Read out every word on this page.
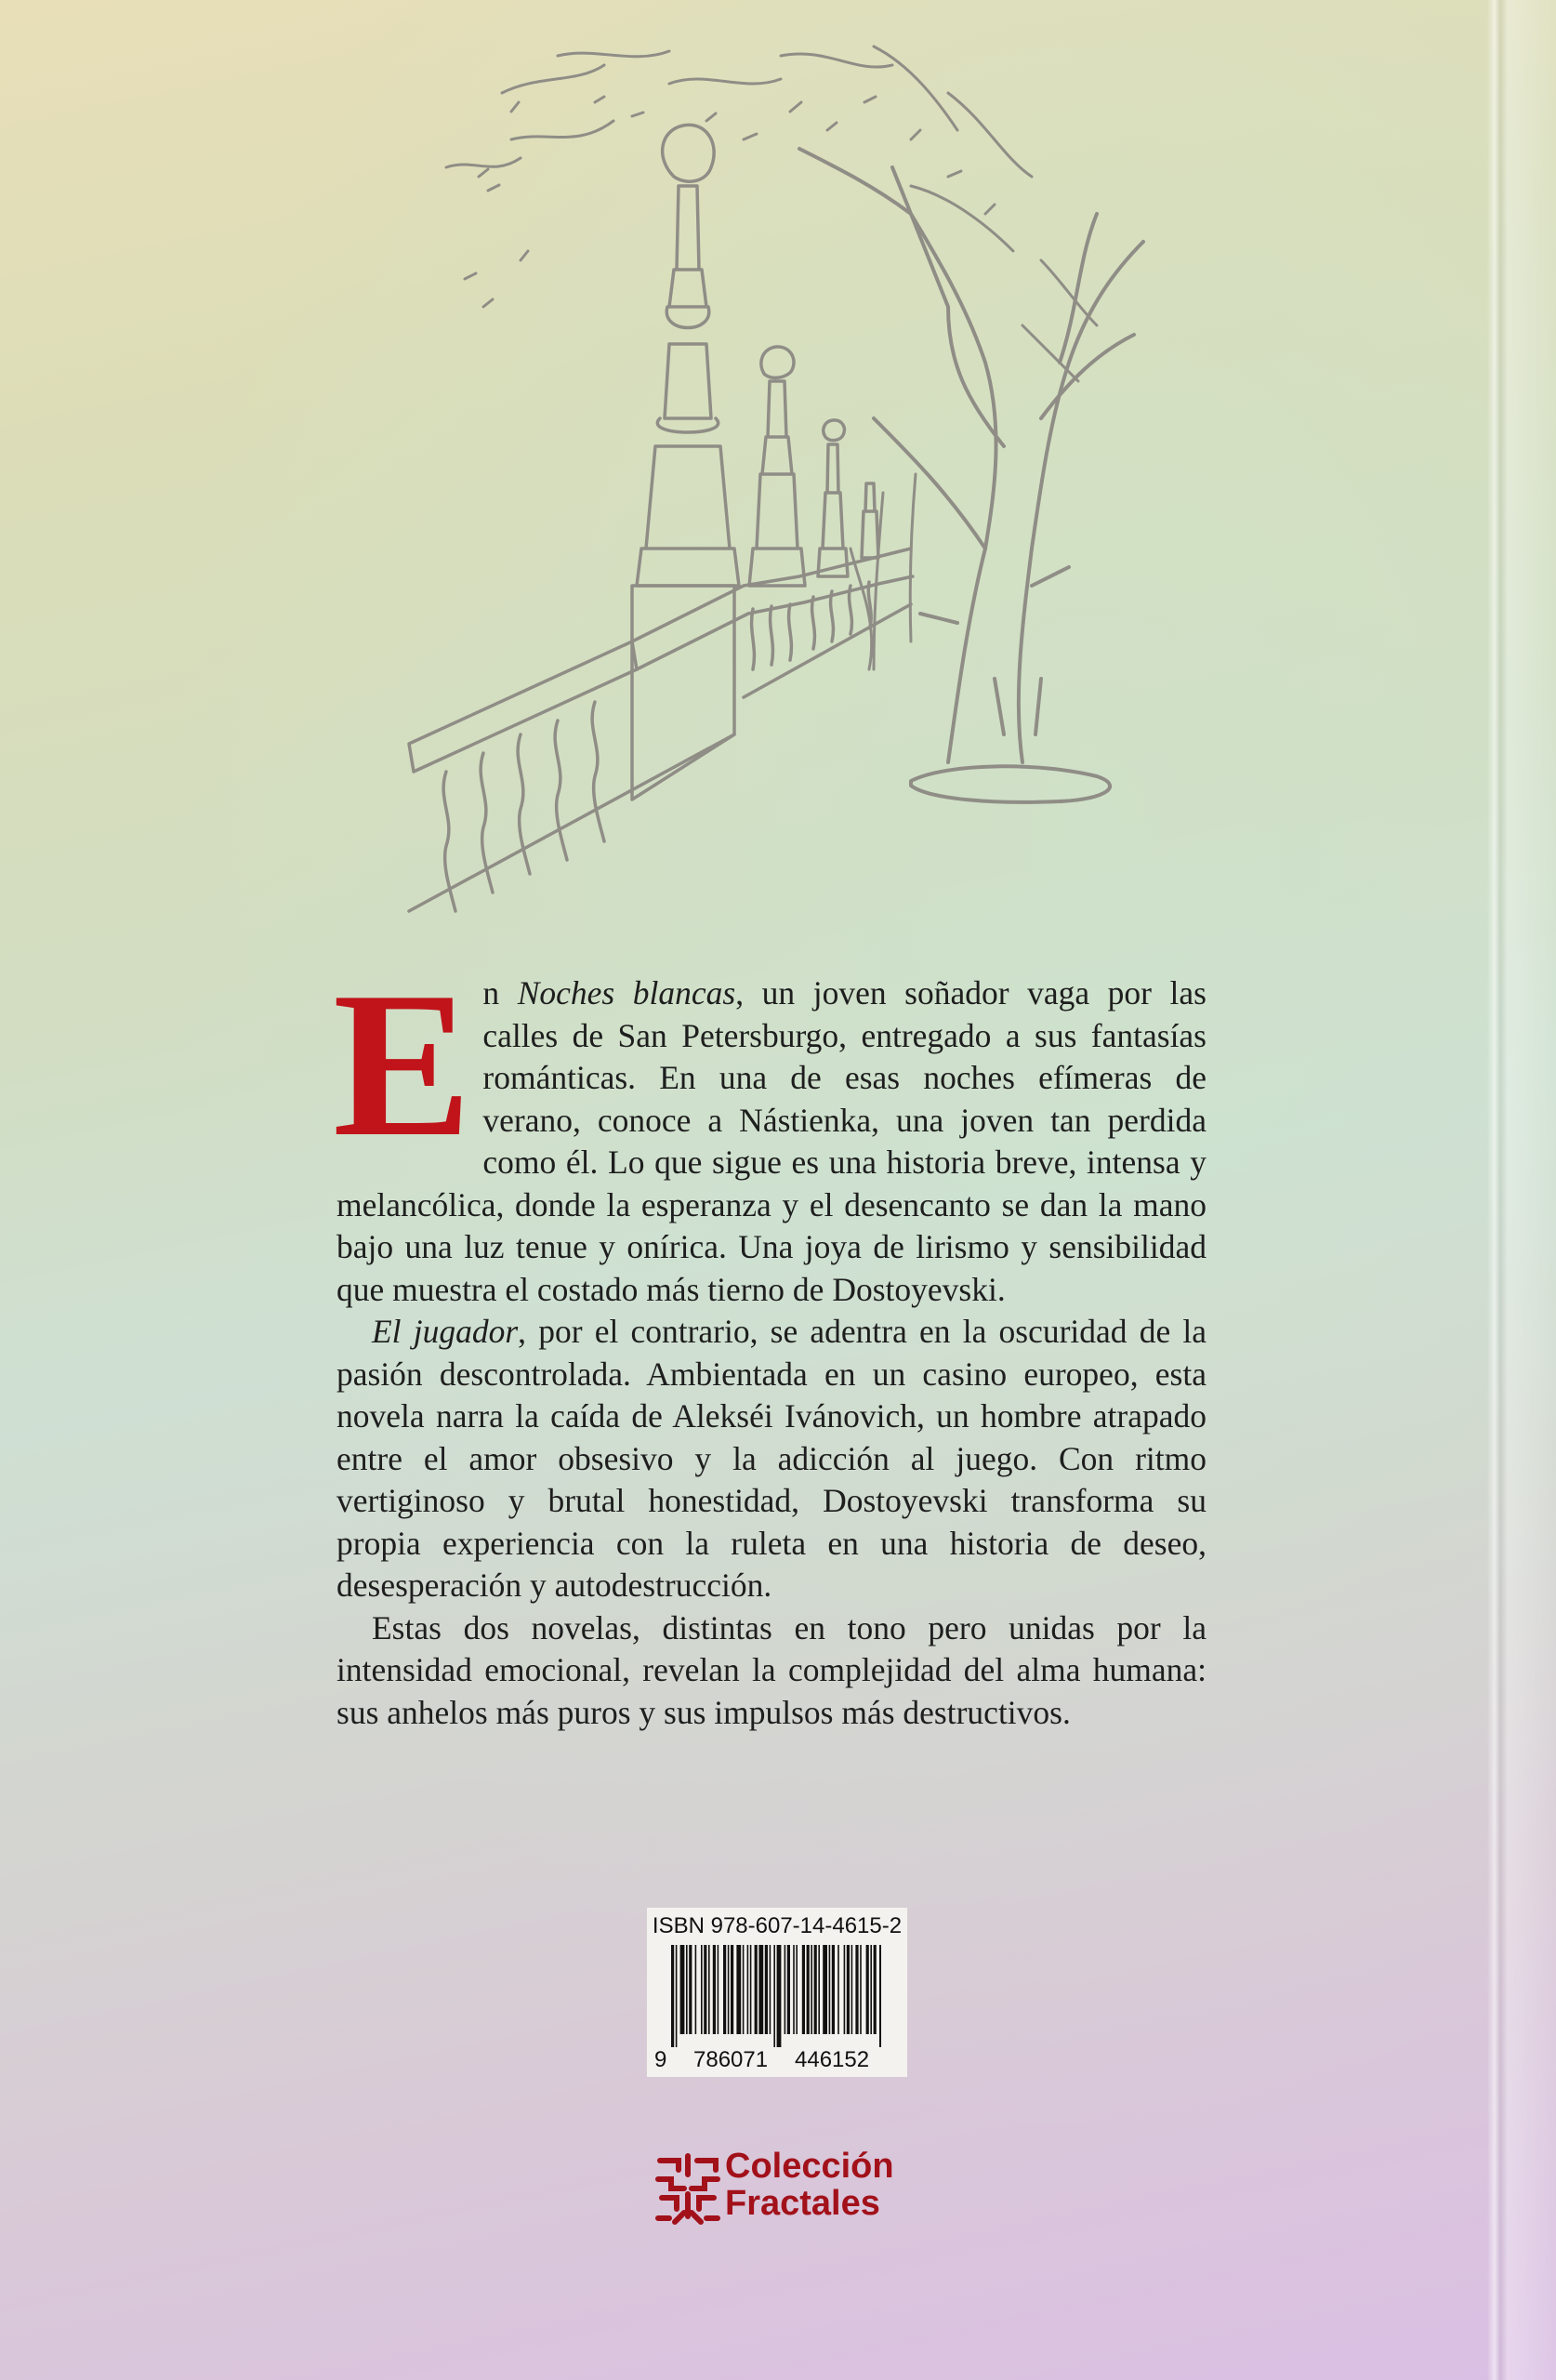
En Noches blancas, un joven soñador vaga por las calles de San Petersburgo, entregado a sus fantasías románticas. En una de esas noches efímeras de verano, conoce a Nástienka, una joven tan perdida como él. Lo que sigue es una historia breve, intensa y melancólica, donde la esperanza y el desencanto se dan la mano bajo una luz tenue y onírica. Una joya de lirismo y sensibilidad que muestra el costado más tierno de Dostoyevski.

El jugador, por el contrario, se adentra en la oscuridad de la pasión descontrolada. Ambientada en un casino europeo, esta novela narra la caída de Alekséi Ivánovich, un hombre atrapado entre el amor obsesivo y la adicción al juego. Con ritmo vertiginoso y brutal honestidad, Dostoyevski transforma su propia experiencia con la ruleta en una historia de deseo, desesperación y autodestrucción.

Estas dos novelas, distintas en tono pero unidas por la intensidad emocional, revelan la complejidad del alma humana: sus anhelos más puros y sus impulsos más destructivos.

ISBN 978-607-14-4615-2
9 786071 446152
Colección
Fractales
